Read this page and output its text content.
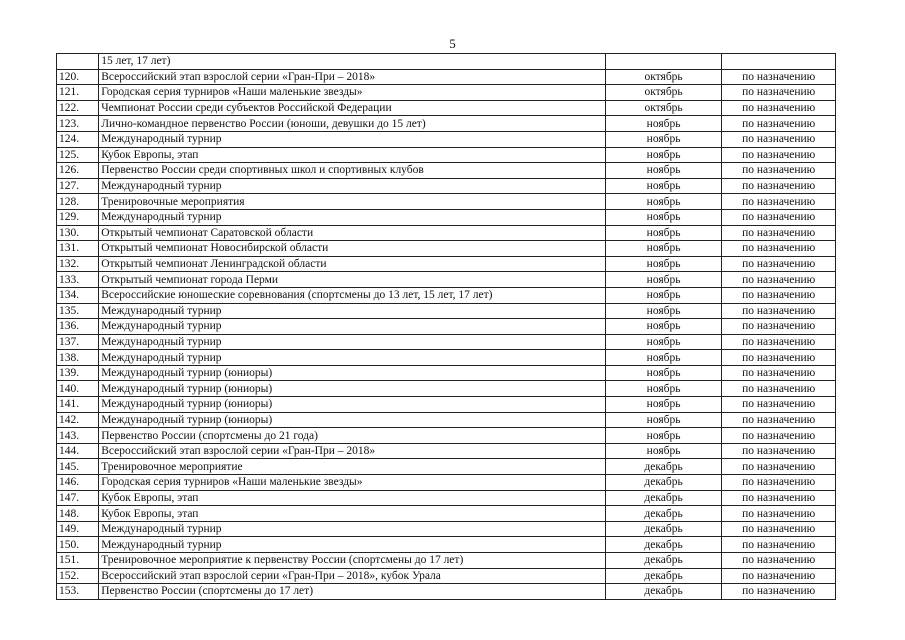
5
	15 лет, 17 лет)		
120.	Всероссийский этап взрослой серии «Гран-При – 2018»	октябрь	по назначению
121.	Городская серия турниров «Наши маленькие звезды»	октябрь	по назначению
122.	Чемпионат России среди субъектов Российской Федерации	октябрь	по назначению
123.	Лично-командное первенство России (юноши, девушки до 15 лет)	ноябрь	по назначению
124.	Международный турнир	ноябрь	по назначению
125.	Кубок Европы, этап	ноябрь	по назначению
126.	Первенство России среди спортивных школ и спортивных клубов	ноябрь	по назначению
127.	Международный турнир	ноябрь	по назначению
128.	Тренировочные мероприятия	ноябрь	по назначению
129.	Международный турнир	ноябрь	по назначению
130.	Открытый чемпионат Саратовской области	ноябрь	по назначению
131.	Открытый чемпионат Новосибирской области	ноябрь	по назначению
132.	Открытый чемпионат Ленинградской области	ноябрь	по назначению
133.	Открытый чемпионат города Перми	ноябрь	по назначению
134.	Всероссийские юношеские соревнования (спортсмены до 13 лет, 15 лет, 17 лет)	ноябрь	по назначению
135.	Международный турнир	ноябрь	по назначению
136.	Международный турнир	ноябрь	по назначению
137.	Международный турнир	ноябрь	по назначению
138.	Международный турнир	ноябрь	по назначению
139.	Международный турнир (юниоры)	ноябрь	по назначению
140.	Международный турнир (юниоры)	ноябрь	по назначению
141.	Международный турнир (юниоры)	ноябрь	по назначению
142.	Международный турнир (юниоры)	ноябрь	по назначению
143.	Первенство России (спортсмены до 21 года)	ноябрь	по назначению
144.	Всероссийский этап взрослой серии «Гран-При – 2018»	ноябрь	по назначению
145.	Тренировочное мероприятие	декабрь	по назначению
146.	Городская серия турниров «Наши маленькие звезды»	декабрь	по назначению
147.	Кубок Европы, этап	декабрь	по назначению
148.	Кубок Европы, этап	декабрь	по назначению
149.	Международный турнир	декабрь	по назначению
150.	Международный турнир	декабрь	по назначению
151.	Тренировочное мероприятие к первенству России (спортсмены до 17 лет)	декабрь	по назначению
152.	Всероссийский этап взрослой серии «Гран-При – 2018», кубок Урала	декабрь	по назначению
153.	Первенство России (спортсмены до 17 лет)	декабрь	по назначению
